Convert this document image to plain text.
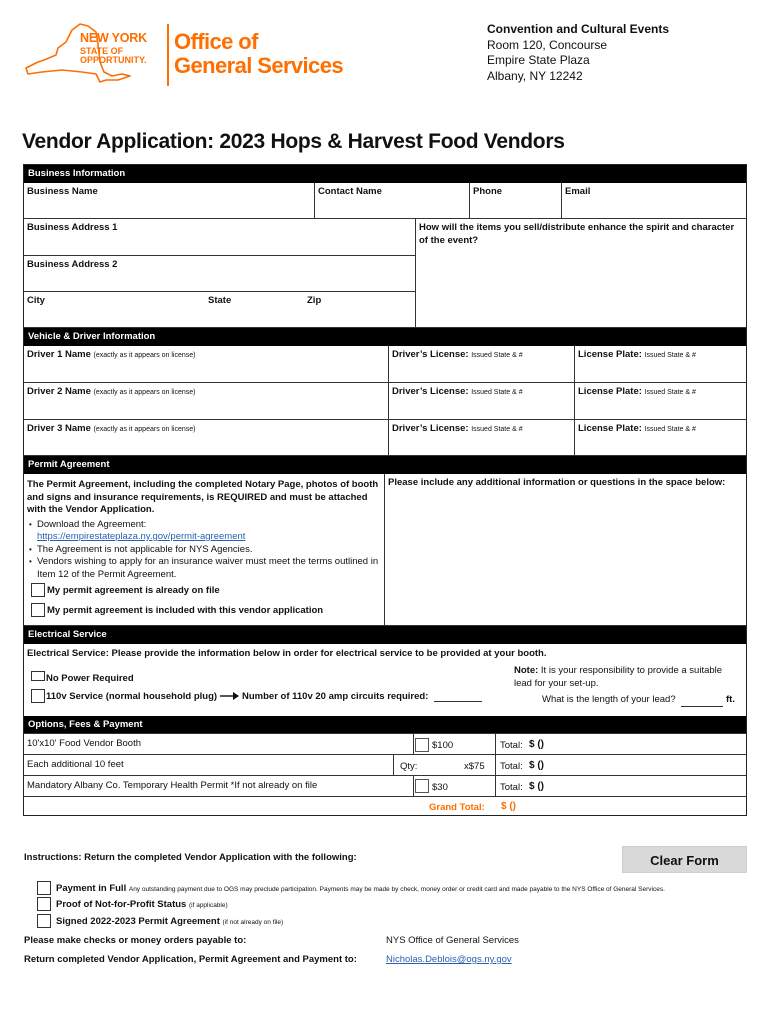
NEW YORK
STATE OF
OPPORTUNITY.
Office of
General Services
Convention and Cultural Events
Room 120, Concourse
Empire State Plaza
Albany, NY 12242
Vendor Application: 2023 Hops & Harvest Food Vendors
Business Information
Business Name	Contact Name	Phone	Email
Business Address 1	How will the items you sell/distribute enhance the spirit and character of the event?
Business Address 2
City	State	Zip
Vehicle & Driver Information
Driver 1 Name (exactly as it appears on license)	Driver’s License: Issued State & #	License Plate: Issued State & #
Driver 2 Name (exactly as it appears on license)	Driver’s License: Issued State & #	License Plate: Issued State & #
Driver 3 Name (exactly as it appears on license)	Driver’s License: Issued State & #	License Plate: Issued State & #
Permit Agreement
Please include any additional information or questions in the space below:
The Permit Agreement, including the completed Notary Page, photos of booth and signs and insurance requirements, is REQUIRED and must be attached with the Vendor Application.
• Download the Agreement:
https://empirestateplaza.ny.gov/permit-agreement
• The Agreement is not applicable for NYS Agencies.
• Vendors wishing to apply for an insurance waiver must meet the terms outlined in Item 12 of the Permit Agreement.
My permit agreement is already on file
My permit agreement is included with this vendor application
Electrical Service
Electrical Service: Please provide the information below in order for electrical service to be provided at your booth.
No Power Required
110v Service (normal household plug)	Number of 110v 20 amp circuits required:
Note: It is your responsibility to provide a suitable lead for your set-up.
What is the length of your lead?	ft.
Options, Fees & Payment
10'x10' Food Vendor Booth	$100	Total: $ ()
Each additional 10 feet	Qty:	x$75 Total: $ ()
Mandatory Albany Co. Temporary Health Permit *If not already on file	$30	Total: $ ()
Grand Total: $ ()
Instructions: Return the completed Vendor Application with the following:	Clear Form
Payment in Full Any outstanding payment due to OGS may preclude participation. Payments may be made by check, money order or credit card and made payable to the NYS Office of General Services.
Proof of Not-for-Profit Status (if applicable)
Signed 2022-2023 Permit Agreement (if not already on file)
Please make checks or money orders payable to:	NYS Office of General Services
Return completed Vendor Application, Permit Agreement and Payment to:	Nicholas.Deblois@ogs.ny.gov
